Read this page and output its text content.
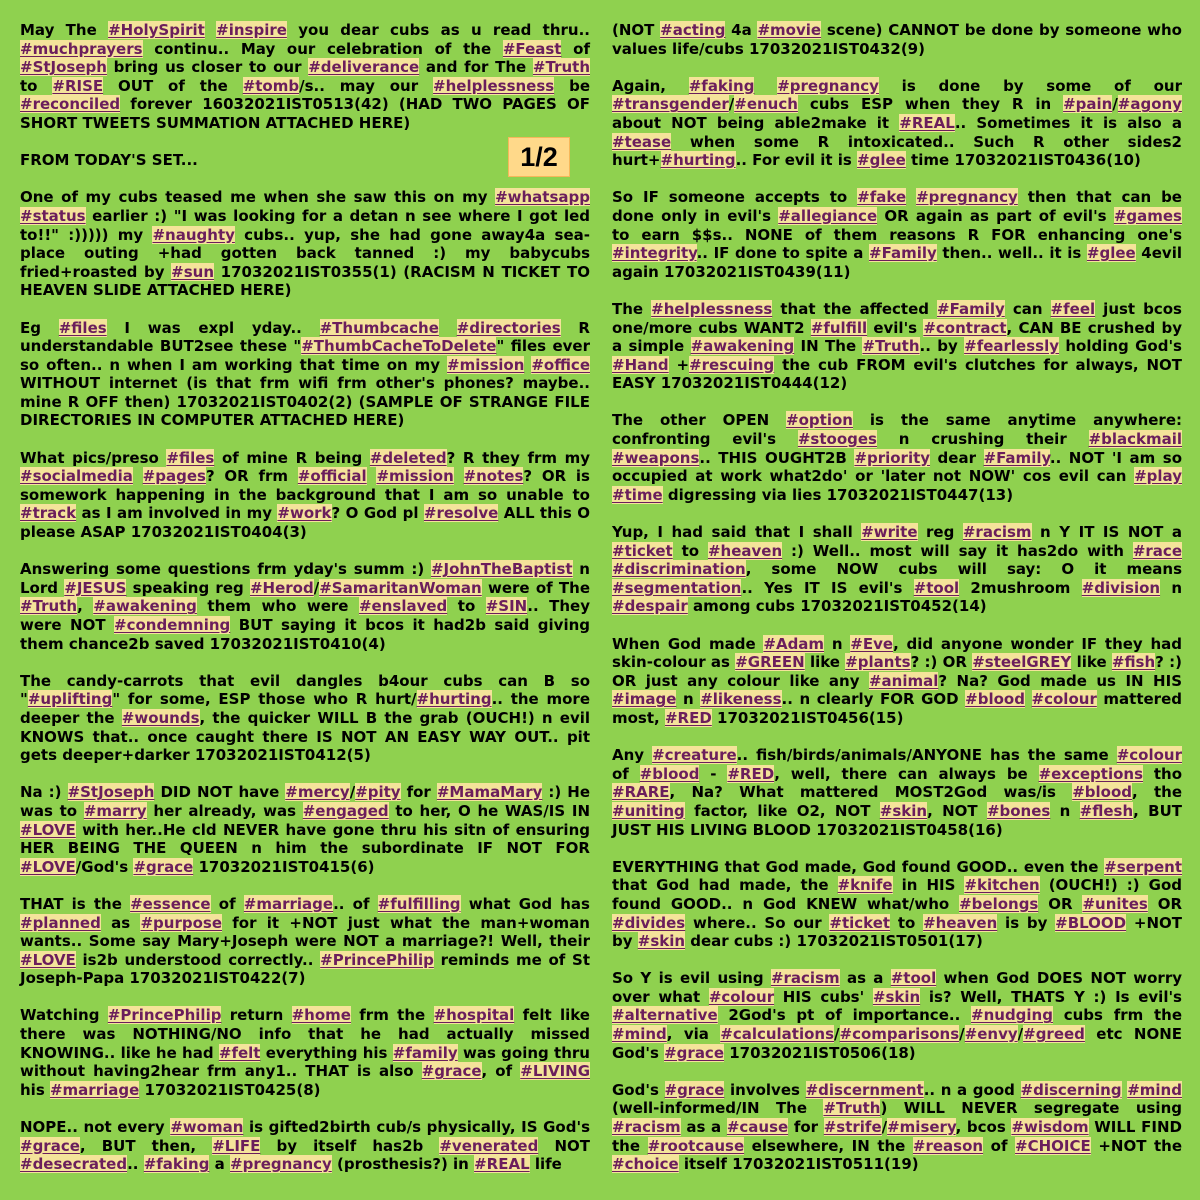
May The #HolySpirit #inspire you dear cubs as u read thru.. #muchprayers continu.. May our celebration of the #Feast of #StJoseph bring us closer to our #deliverance and for The #Truth to #RISE OUT of the #tomb/s.. may our #helplessness be #reconciled forever 16032021IST0513(42) (HAD TWO PAGES OF SHORT TWEETS SUMMATION ATTACHED HERE)

FROM TODAY'S SET...

One of my cubs teased me when she saw this on my #whatsapp #status earlier :) "I was looking for a detan n see where I got led to!!" :))))) my #naughty cubs.. yup, she had gone away4a sea-place outing +had gotten back tanned :) my babycubs fried+roasted by #sun 17032021IST0355(1) (RACISM N TICKET TO HEAVEN SLIDE ATTACHED HERE)

Eg #files I was expl yday.. #Thumbcache #directories R understandable BUT2see these "#ThumbCacheToDelete" files ever so often.. n when I am working that time on my #mission #office WITHOUT internet (is that frm wifi frm other's phones? maybe.. mine R OFF then) 17032021IST0402(2) (SAMPLE OF STRANGE FILE DIRECTORIES IN COMPUTER ATTACHED HERE)

What pics/preso #files of mine R being #deleted? R they frm my #socialmedia #pages? OR frm #official #mission #notes? OR is somework happening in the background that I am so unable to #track as I am involved in my #work? O God pl #resolve ALL this O please ASAP 17032021IST0404(3)

Answering some questions frm yday's summ :) #JohnTheBaptist n Lord #JESUS speaking reg #Herod/#SamaritanWoman were of The #Truth, #awakening them who were #enslaved to #SIN.. They were NOT #condemning BUT saying it bcos it had2b said giving them chance2b saved 17032021IST0410(4)

The candy-carrots that evil dangles b4our cubs can B so "#uplifting" for some, ESP those who R hurt/#hurting.. the more deeper the #wounds, the quicker WILL B the grab (OUCH!) n evil KNOWS that.. once caught there IS NOT AN EASY WAY OUT.. pit gets deeper+darker 17032021IST0412(5)

Na :) #StJoseph DID NOT have #mercy/#pity for #MamaMary :) He was to #marry her already, was #engaged to her, O he WAS/IS IN #LOVE with her..He cld NEVER have gone thru his sitn of ensuring HER BEING THE QUEEN n him the subordinate IF NOT FOR #LOVE/God's #grace 17032021IST0415(6)

THAT is the #essence of #marriage.. of #fulfilling what God has #planned as #purpose for it +NOT just what the man+woman wants.. Some say Mary+Joseph were NOT a marriage?! Well, their #LOVE is2b understood correctly.. #PrincePhilip reminds me of St Joseph-Papa 17032021IST0422(7)

Watching #PrincePhilip return #home frm the #hospital felt like there was NOTHING/NO info that he had actually missed KNOWING.. like he had #felt everything his #family was going thru without having2hear frm any1.. THAT is also #grace, of #LIVING his #marriage 17032021IST0425(8)

NOPE.. not every #woman is gifted2birth cub/s physically, IS God's #grace, BUT then, #LIFE by itself has2b #venerated NOT #desecrated.. #faking a #pregnancy (prosthesis?) in #REAL life

(NOT #acting 4a #movie scene) CANNOT be done by someone who values life/cubs 17032021IST0432(9)

Again, #faking #pregnancy is done by some of our #transgender/#enuch cubs ESP when they R in #pain/#agony about NOT being able2make it #REAL.. Sometimes it is also a #tease when some R intoxicated.. Such R other sides2 hurt+#hurting.. For evil it is #glee time 17032021IST0436(10)

So IF someone accepts to #fake #pregnancy then that can be done only in evil's #allegiance OR again as part of evil's #games to earn $$s.. NONE of them reasons R FOR enhancing one's #integrity.. IF done to spite a #Family then.. well.. it is #glee 4evil again 17032021IST0439(11)

The #helplessness that the affected #Family can #feel just bcos one/more cubs WANT2 #fulfill evil's #contract, CAN BE crushed by a simple #awakening IN The #Truth.. by #fearlessly holding God's #Hand +#rescuing the cub FROM evil's clutches for always, NOT EASY 17032021IST0444(12)

The other OPEN #option is the same anytime anywhere: confronting evil's #stooges n crushing their #blackmail #weapons.. THIS OUGHT2B #priority dear #Family.. NOT 'I am so occupied at work what2do' or 'later not NOW' cos evil can #play #time digressing via lies 17032021IST0447(13)

Yup, I had said that I shall #write reg #racism n Y IT IS NOT a #ticket to #heaven :) Well.. most will say it has2do with #race #discrimination, some NOW cubs will say: O it means #segmentation.. Yes IT IS evil's #tool 2mushroom #division n #despair among cubs 17032021IST0452(14)

When God made #Adam n #Eve, did anyone wonder IF they had skin-colour as #GREEN like #plants? :) OR #steelGREY like #fish? :) OR just any colour like any #animal? Na? God made us IN HIS #image n #likeness.. n clearly FOR GOD #blood #colour mattered most, #RED 17032021IST0456(15)

Any #creature.. fish/birds/animals/ANYONE has the same #colour of #blood - #RED, well, there can always be #exceptions tho #RARE, Na? What mattered MOST2God was/is #blood, the #uniting factor, like O2, NOT #skin, NOT #bones n #flesh, BUT JUST HIS LIVING BLOOD 17032021IST0458(16)

EVERYTHING that God made, God found GOOD.. even the #serpent that God had made, the #knife in HIS #kitchen (OUCH!) :) God found GOOD.. n God KNEW what/who #belongs OR #unites OR #divides where.. So our #ticket to #heaven is by #BLOOD +NOT by #skin dear cubs :) 17032021IST0501(17)

So Y is evil using #racism as a #tool when God DOES NOT worry over what #colour HIS cubs' #skin is? Well, THATS Y :) Is evil's #alternative 2God's pt of importance.. #nudging cubs frm the #mind, via #calculations/#comparisons/#envy/#greed etc NONE God's #grace 17032021IST0506(18)

God's #grace involves #discernment.. n a good #discerning #mind (well-informed/IN The #Truth) WILL NEVER segregate using #racism as a #cause for #strife/#misery, bcos #wisdom WILL FIND the #rootcause elsewhere, IN the #reason of #CHOICE +NOT the #choice itself 17032021IST0511(19)

1/2
